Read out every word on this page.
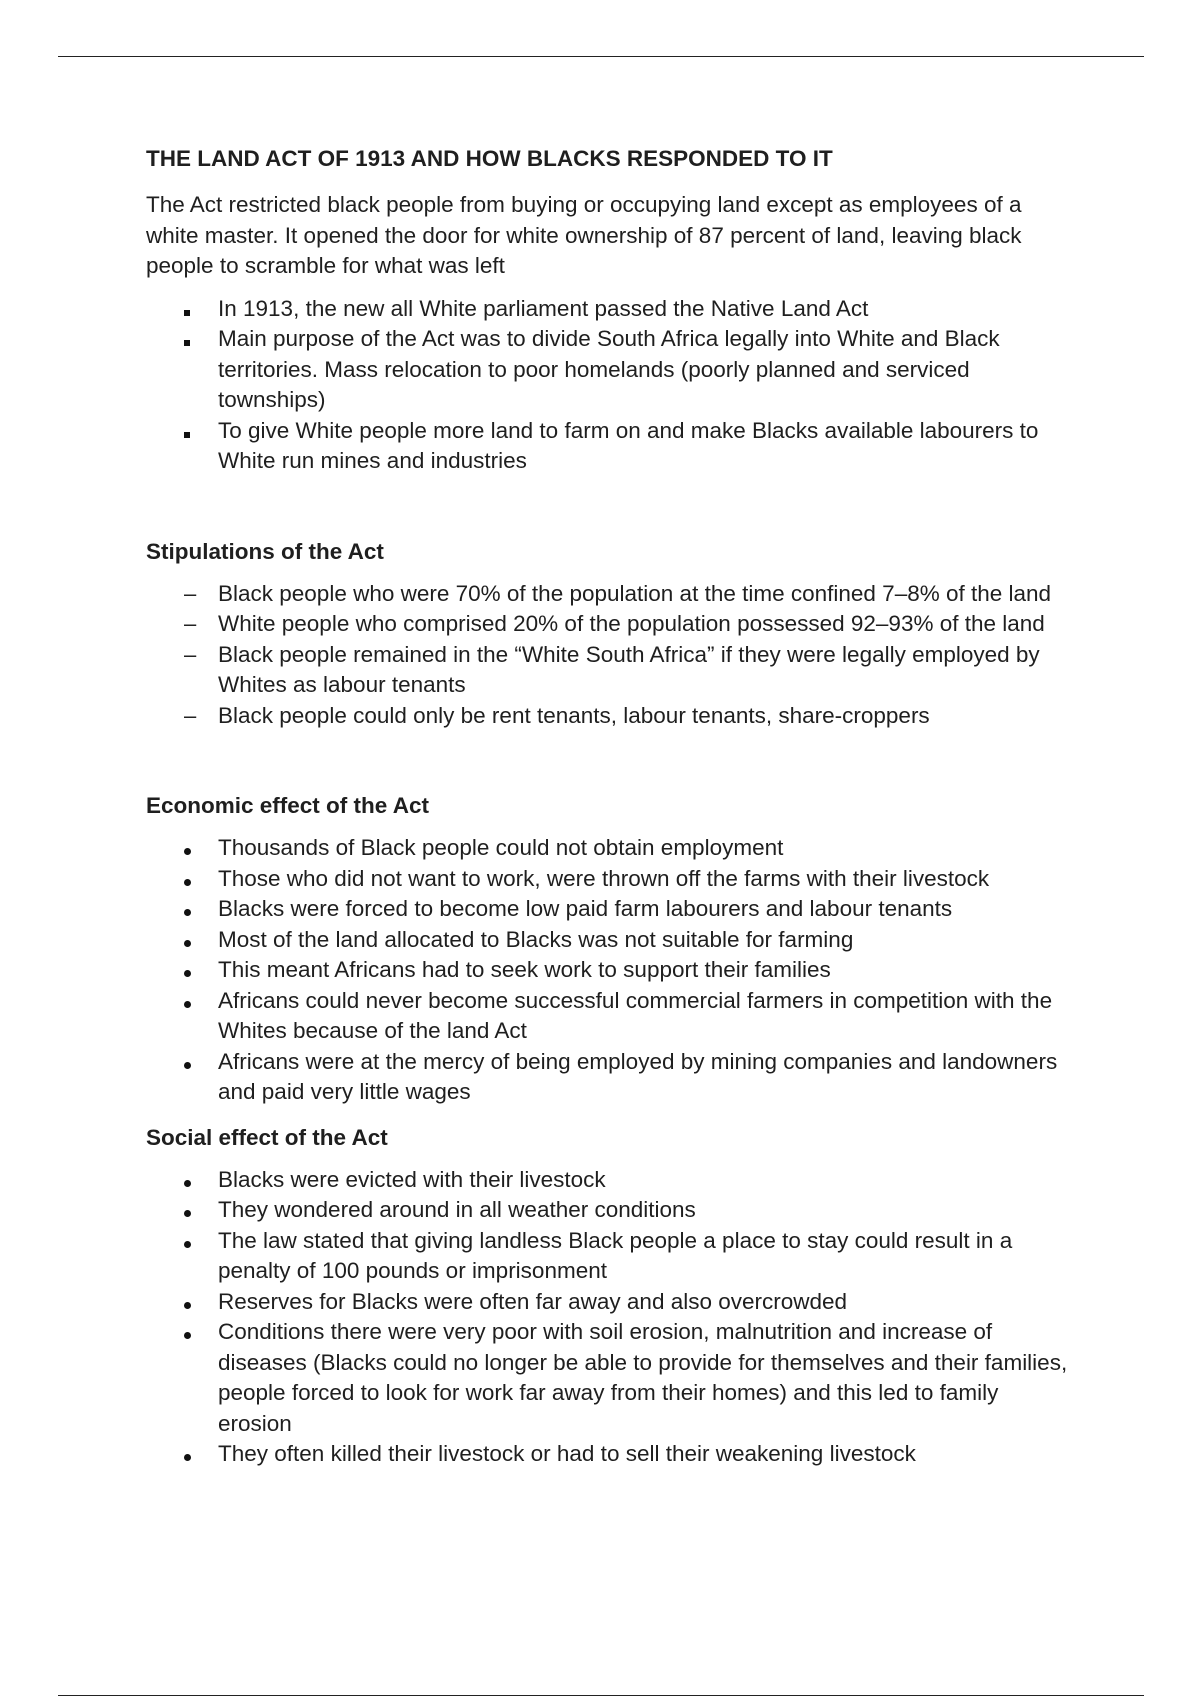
THE LAND ACT OF 1913 AND HOW BLACKS RESPONDED TO IT

The Act restricted black people from buying or occupying land except as employees of a white master. It opened the door for white ownership of 87 percent of land, leaving black people to scramble for what was left

In 1913, the new all White parliament passed the Native Land Act
Main purpose of the Act was to divide South Africa legally into White and Black territories. Mass relocation to poor homelands (poorly planned and serviced townships)
To give White people more land to farm on and make Blacks available labourers to White run mines and industries
Stipulations of the Act
– Black people who were 70% of the population at the time confined 7–8% of the land
– White people who comprised 20% of the population possessed 92–93% of the land
– Black people remained in the “White South Africa” if they were legally employed by Whites as labour tenants
– Black people could only be rent tenants, labour tenants, share-croppers
Economic effect of the Act
Thousands of Black people could not obtain employment
Those who did not want to work, were thrown off the farms with their livestock
Blacks were forced to become low paid farm labourers and labour tenants
Most of the land allocated to Blacks was not suitable for farming
This meant Africans had to seek work to support their families
Africans could never become successful commercial farmers in competition with the Whites because of the land Act
Africans were at the mercy of being employed by mining companies and landowners and paid very little wages
Social effect of the Act
Blacks were evicted with their livestock
They wondered around in all weather conditions
The law stated that giving landless Black people a place to stay could result in a penalty of 100 pounds or imprisonment
Reserves for Blacks were often far away and also overcrowded
Conditions there were very poor with soil erosion, malnutrition and increase of diseases (Blacks could no longer be able to provide for themselves and their families, people forced to look for work far away from their homes) and this led to family erosion
They often killed their livestock or had to sell their weakening livestock
